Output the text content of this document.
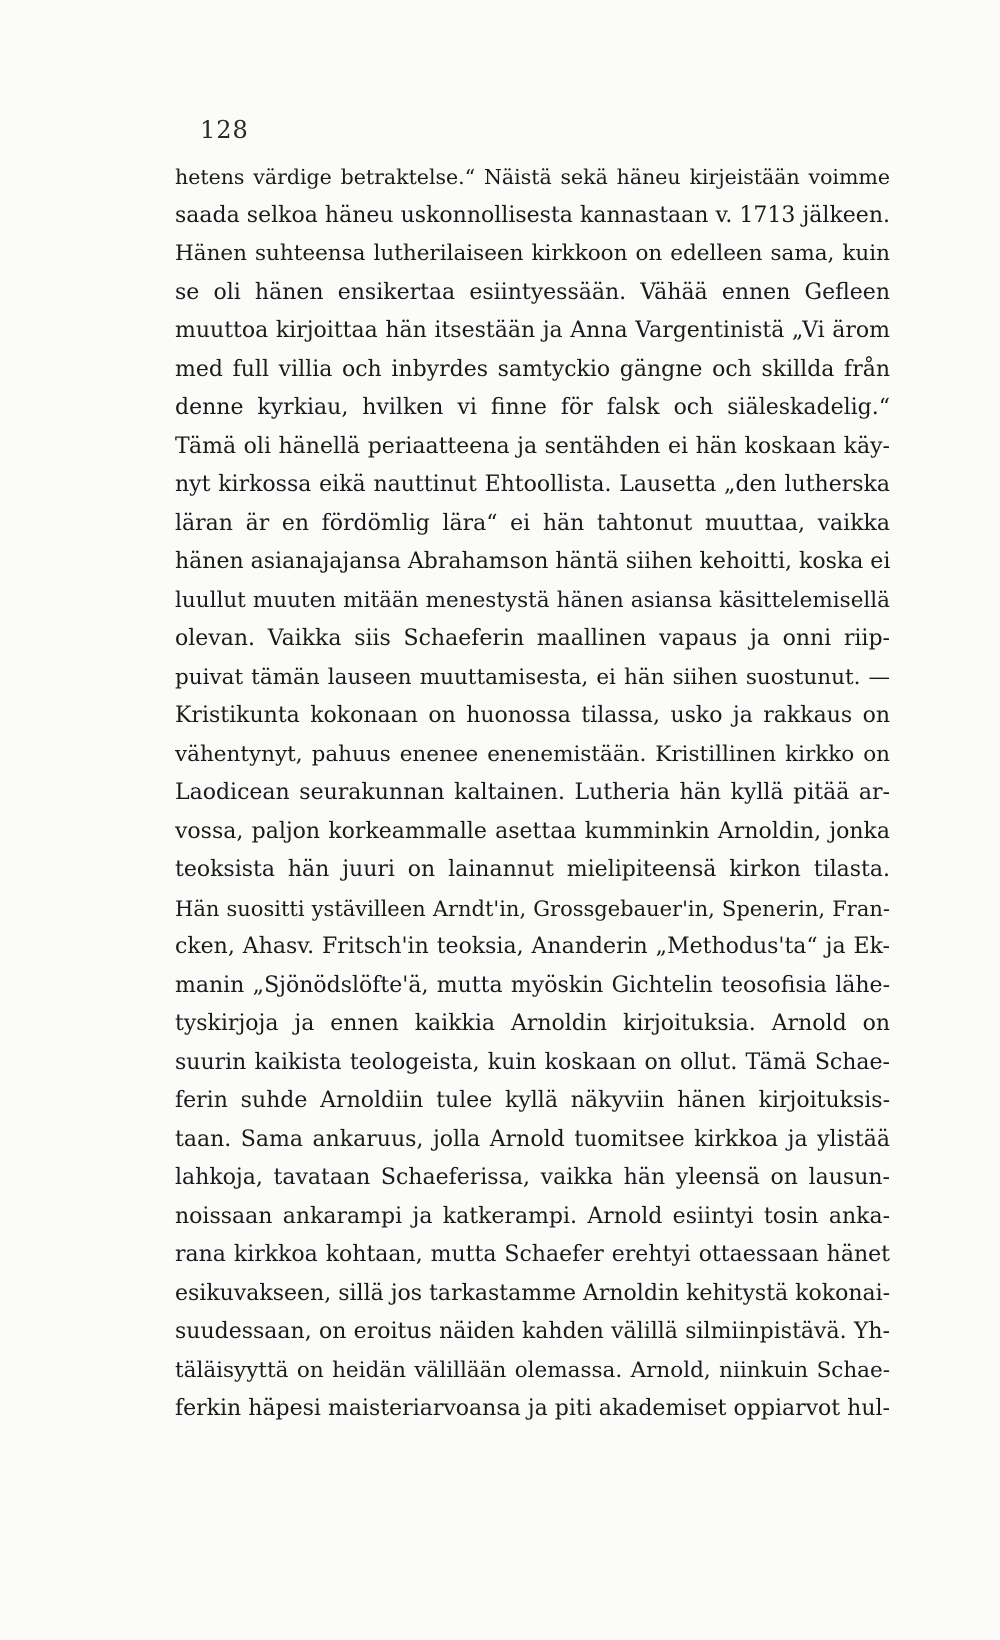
128
hetens värdige betraktelse.“ Näistä sekä häneu kirjeistään voimme
saada selkoa häneu uskonnollisesta kannastaan v. 1713 jälkeen.
Hänen suhteensa lutherilaiseen kirkkoon on edelleen sama, kuin
se oli hänen ensikertaa esiintyessään. Vähää ennen Gefleen
muuttoa kirjoittaa hän itsestään ja Anna Vargentinistä „Vi ärom
med full villia och inbyrdes samtyckio gängne och skillda från
denne kyrkiau, hvilken vi finne för falsk och siäleskadelig.“
Tämä oli hänellä periaatteena ja sentähden ei hän koskaan käy-
nyt kirkossa eikä nauttinut Ehtoollista. Lausetta „den lutherska
läran är en fördömlig lära“ ei hän tahtonut muuttaa, vaikka
hänen asianajajansa Abrahamson häntä siihen kehoitti, koska ei
luullut muuten mitään menestystä hänen asiansa käsittelemisellä
olevan. Vaikka siis Schaeferin maallinen vapaus ja onni riip-
puivat tämän lauseen muuttamisesta, ei hän siihen suostunut. —
Kristikunta kokonaan on huonossa tilassa, usko ja rakkaus on
vähentynyt, pahuus enenee enenemistään. Kristillinen kirkko on
Laodicean seurakunnan kaltainen. Lutheria hän kyllä pitää ar-
vossa, paljon korkeammalle asettaa kumminkin Arnoldin, jonka
teoksista hän juuri on lainannut mielipiteensä kirkon tilasta.
Hän suositti ystävilleen Arndt'in, Grossgebauer'in, Spenerin, Fran-
cken, Ahasv. Fritsch'in teoksia, Ananderin „Methodus'ta“ ja Ek-
manin „Sjönödslöfte'ä, mutta myöskin Gichtelin teosofisia lähe-
tyskirjoja ja ennen kaikkia Arnoldin kirjoituksia. Arnold on
suurin kaikista teologeista, kuin koskaan on ollut. Tämä Schae-
ferin suhde Arnoldiin tulee kyllä näkyviin hänen kirjoituksis-
taan. Sama ankaruus, jolla Arnold tuomitsee kirkkoa ja ylistää
lahkoja, tavataan Schaeferissa, vaikka hän yleensä on lausun-
noissaan ankarampi ja katkerampi. Arnold esiintyi tosin anka-
rana kirkkoa kohtaan, mutta Schaefer erehtyi ottaessaan hänet
esikuvakseen, sillä jos tarkastamme Arnoldin kehitystä kokonai-
suudessaan, on eroitus näiden kahden välillä silmiinpistävä. Yh-
täläisyyttä on heidän välillään olemassa. Arnold, niinkuin Schae-
ferkin häpesi maisteriarvoansa ja piti akademiset oppiarvot hul-
